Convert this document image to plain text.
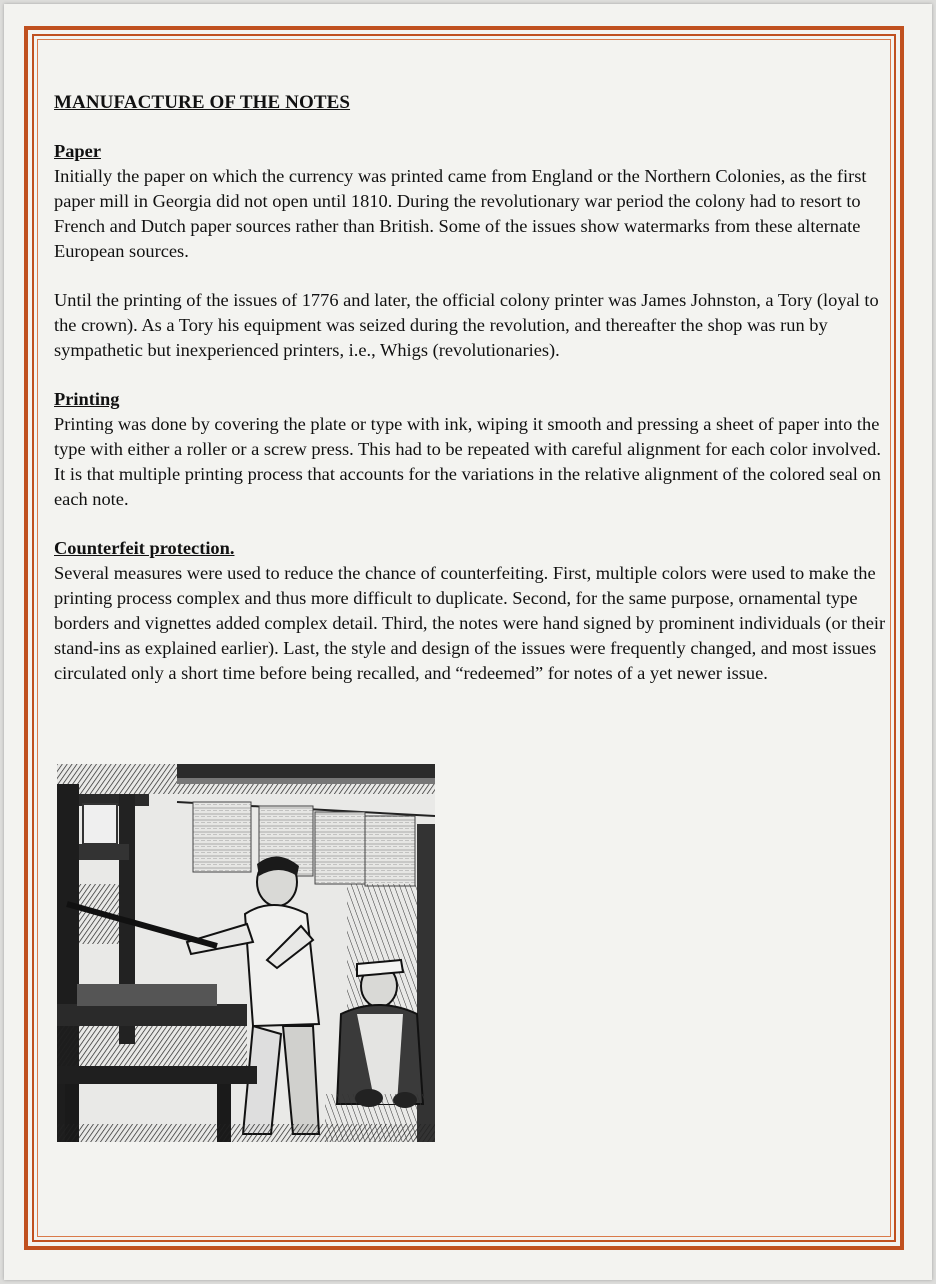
MANUFACTURE OF THE NOTES
Paper

Initially the paper on which the currency was printed came from England or the Northern Colonies, as the first paper mill in Georgia did not open until 1810. During the revolutionary war period the colony had to resort to French and Dutch paper sources rather than British. Some of the issues show watermarks from these alternate European sources.

Until the printing of the issues of 1776 and later, the official colony printer was James Johnston, a Tory (loyal to the crown). As a Tory his equipment was seized during the revolution, and thereafter the shop was run by sympathetic but inexperienced printers, i.e., Whigs (revolutionaries).

Printing

Printing was done by covering the plate or type with ink, wiping it smooth and pressing a sheet of paper into the type with either a roller or a screw press. This had to be repeated with careful alignment for each color involved. It is that multiple printing process that accounts for the variations in the relative alignment of the colored seal on each note.

Counterfeit protection.

Several measures were used to reduce the chance of counterfeiting. First, multiple colors were used to make the printing process complex and thus more difficult to duplicate. Second, for the same purpose, ornamental type borders and vignettes added complex detail. Third, the notes were hand signed by prominent individuals (or their stand-ins as explained earlier). Last, the style and design of the issues were frequently changed, and most issues circulated only a short time before being recalled, and “redeemed” for notes of a yet newer issue.
